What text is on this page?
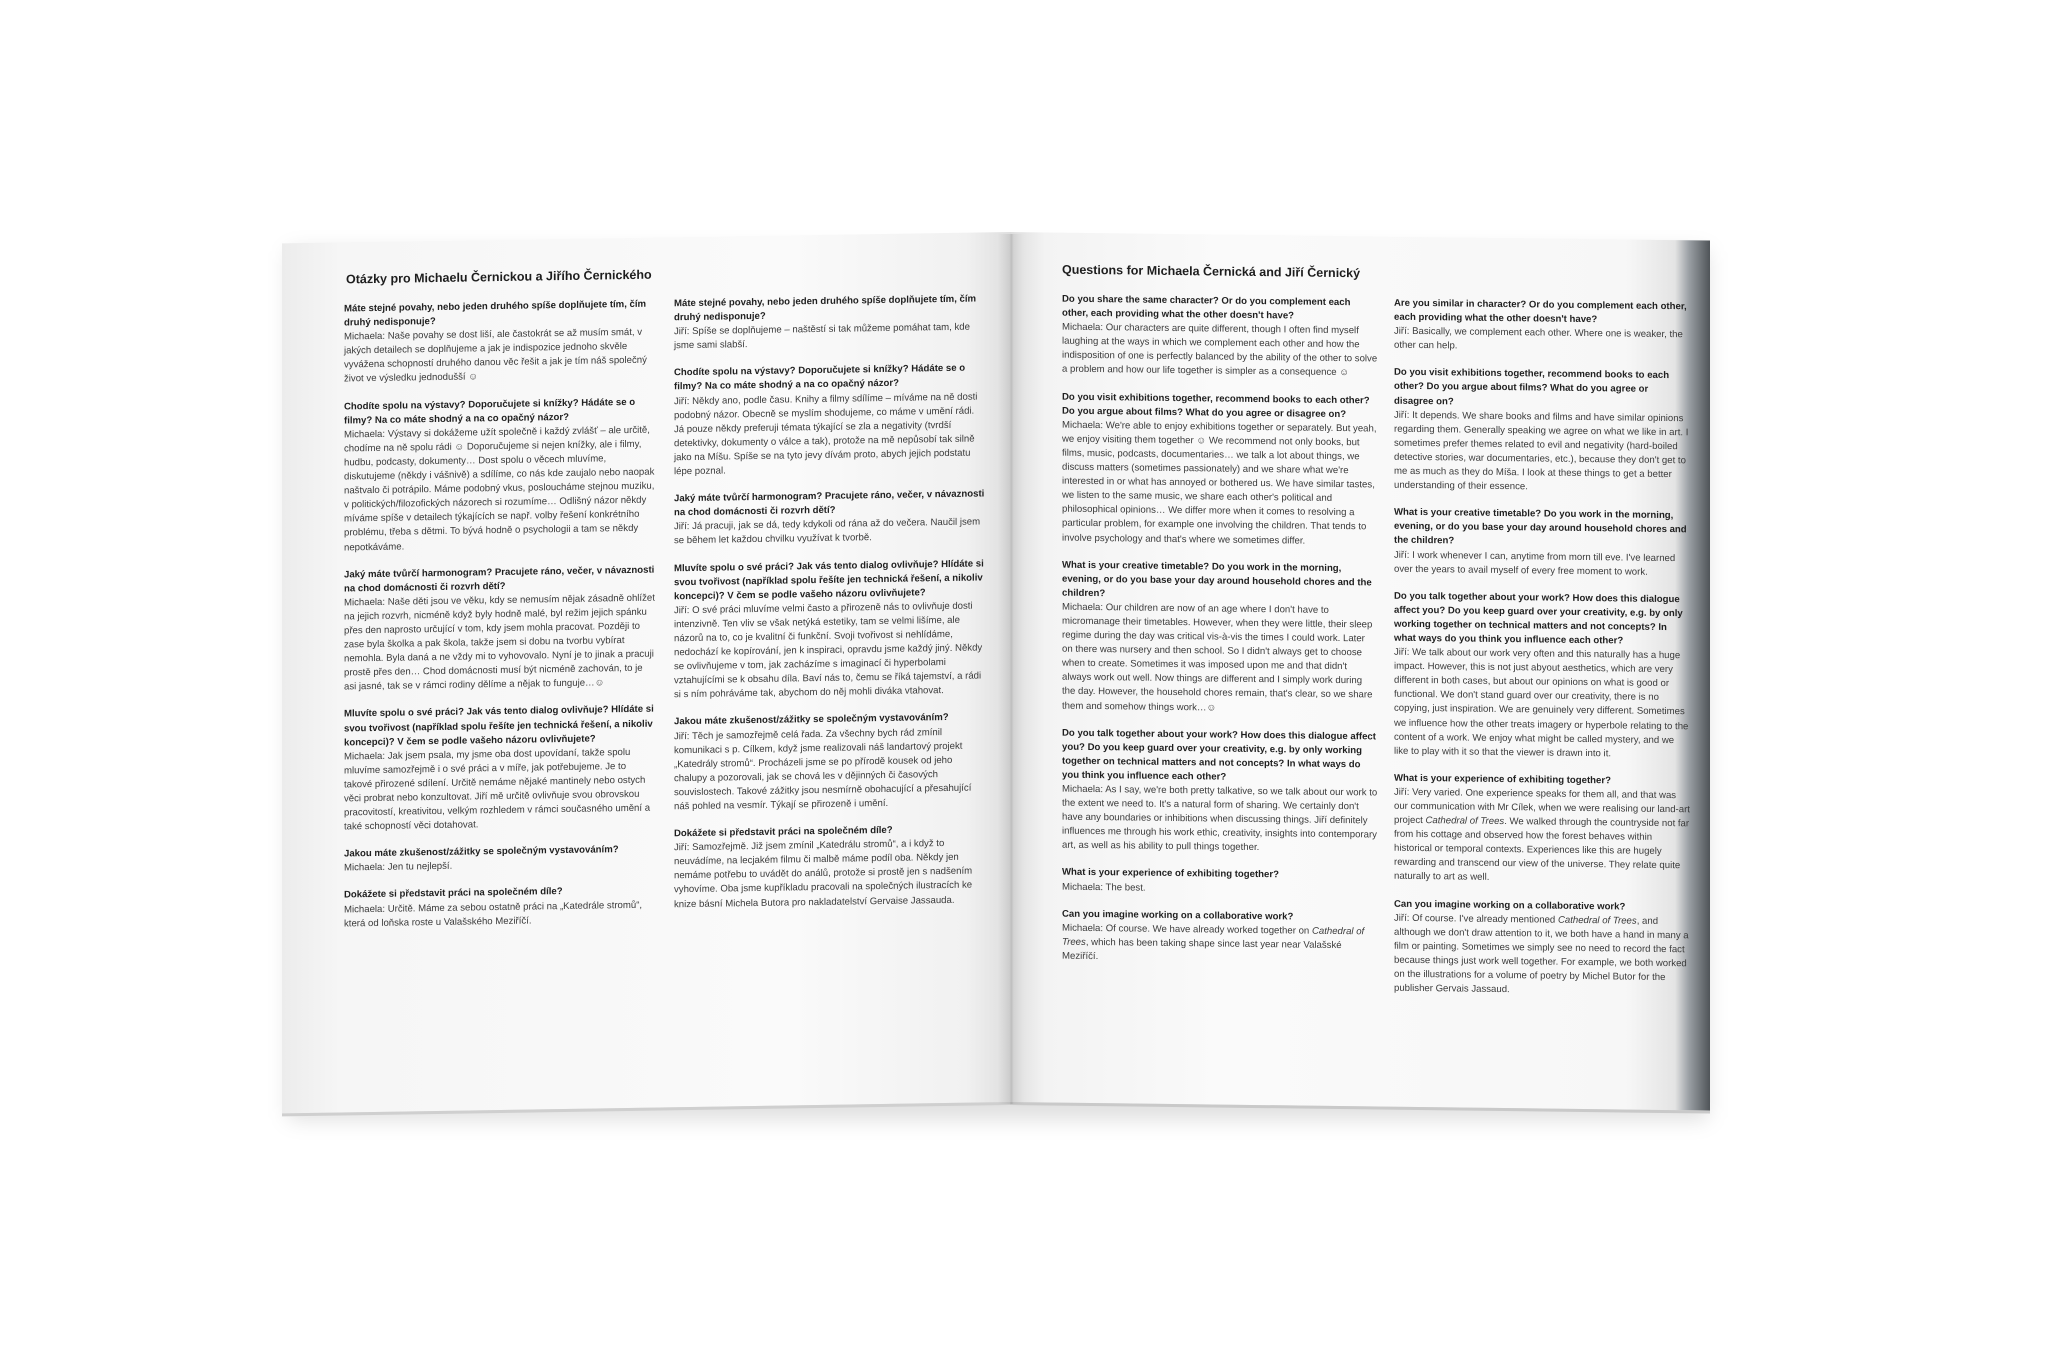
Otázky pro Michaelu Černickou a Jiřího Černického
Máte stejné povahy, nebo jeden druhého spíše doplňujete tím, čím druhý nedisponuje?
Michaela: Naše povahy se dost liší, ale častokrát se až musím smát, v jakých detailech se doplňujeme a jak je indispozice jednoho skvěle vyvážena schopností druhého danou věc řešit a jak je tím náš společný život ve výsledku jednodušší ☺
Chodíte spolu na výstavy? Doporučujete si knížky? Hádáte se o filmy? Na co máte shodný a na co opačný názor?
Michaela: Výstavy si dokážeme užít společně i každý zvlášť – ale určitě, chodíme na ně spolu rádi ☺ Doporučujeme si nejen knížky, ale i filmy, hudbu, podcasty, dokumenty… Dost spolu o věcech mluvíme, diskutujeme (někdy i vášnivě) a sdílíme, co nás kde zaujalo nebo naopak naštvalo či potrápilo. Máme podobný vkus, posloucháme stejnou muziku, v politických/filozofických názorech si rozumíme… Odlišný názor někdy míváme spíše v detailech týkajících se např. volby řešení konkrétního problému, třeba s dětmi. To bývá hodně o psychologii a tam se někdy nepotkáváme.
Jaký máte tvůrčí harmonogram? Pracujete ráno, večer, v návaznosti na chod domácnosti či rozvrh dětí?
Michaela: Naše děti jsou ve věku, kdy se nemusím nějak zásadně ohlížet na jejich rozvrh, nicméně když byly hodně malé, byl režim jejich spánku přes den naprosto určující v tom, kdy jsem mohla pracovat. Později to zase byla školka a pak škola, takže jsem si dobu na tvorbu vybírat nemohla. Byla daná a ne vždy mi to vyhovovalo. Nyní je to jinak a pracuji prostě přes den… Chod domácnosti musí být nicméně zachován, to je asi jasné, tak se v rámci rodiny dělíme a nějak to funguje…☺
Mluvíte spolu o své práci? Jak vás tento dialog ovlivňuje? Hlídáte si svou tvořivost (například spolu řešíte jen technická řešení, a nikoliv koncepci)? V čem se podle vašeho názoru ovlivňujete?
Michaela: Jak jsem psala, my jsme oba dost upovídaní, takže spolu mluvíme samozřejmě i o své práci a v míře, jak potřebujeme. Je to takové přirozené sdílení. Určitě nemáme nějaké mantinely nebo ostych věci probrat nebo konzultovat. Jiří mě určitě ovlivňuje svou obrovskou pracovitostí, kreativitou, velkým rozhledem v rámci současného umění a také schopností věci dotahovat.
Jakou máte zkušenost/zážitky se společným vystavováním?
Michaela: Jen tu nejlepší.
Dokážete si představit práci na společném díle?
Michaela: Určitě. Máme za sebou ostatně práci na „Katedrále stromů“, která od loňska roste u Valašského Meziříčí.
Máte stejné povahy, nebo jeden druhého spíše doplňujete tím, čím druhý nedisponuje?
Jiří: Spíše se doplňujeme – naštěstí si tak můžeme pomáhat tam, kde jsme sami slabší.
Chodíte spolu na výstavy? Doporučujete si knížky? Hádáte se o filmy? Na co máte shodný a na co opačný názor?
Jiří: Někdy ano, podle času. Knihy a filmy sdílíme – míváme na ně dosti podobný názor. Obecně se myslím shodujeme, co máme v umění rádi. Já pouze někdy preferuji témata týkající se zla a negativity (tvrdší detektivky, dokumenty o válce a tak), protože na mě nepůsobí tak silně jako na Míšu. Spíše se na tyto jevy dívám proto, abych jejich podstatu lépe poznal.
Jaký máte tvůrčí harmonogram? Pracujete ráno, večer, v návaznosti na chod domácnosti či rozvrh dětí?
Jiří: Já pracuji, jak se dá, tedy kdykoli od rána až do večera. Naučil jsem se během let každou chvilku využívat k tvorbě.
Mluvíte spolu o své práci? Jak vás tento dialog ovlivňuje? Hlídáte si svou tvořivost (například spolu řešíte jen technická řešení, a nikoliv koncepci)? V čem se podle vašeho názoru ovlivňujete?
Jiří: O své práci mluvíme velmi často a přirozeně nás to ovlivňuje dosti intenzivně. Ten vliv se však netýká estetiky, tam se velmi lišíme, ale názorů na to, co je kvalitní či funkční. Svoji tvořivost si nehlídáme, nedochází ke kopírování, jen k inspiraci, opravdu jsme každý jiný. Někdy se ovlivňujeme v tom, jak zacházíme s imaginací či hyperbolami vztahujícími se k obsahu díla. Baví nás to, čemu se říká tajemství, a rádi si s ním pohráváme tak, abychom do něj mohli diváka vtahovat.
Jakou máte zkušenost/zážitky se společným vystavováním?
Jiří: Těch je samozřejmě celá řada. Za všechny bych rád zmínil komunikaci s p. Cílkem, když jsme realizovali náš landartový projekt „Katedrály stromů“. Procházeli jsme se po přírodě kousek od jeho chalupy a pozorovali, jak se chová les v dějinných či časových souvislostech. Takové zážitky jsou nesmírně obohacující a přesahující náš pohled na vesmír. Týkají se přirozeně i umění.
Dokážete si představit práci na společném díle?
Jiří: Samozřejmě. Již jsem zmínil „Katedrálu stromů“, a i když to neuvádíme, na lecjakém filmu či malbě máme podíl oba. Někdy jen nemáme potřebu to uvádět do análů, protože si prostě jen s nadšením vyhovíme. Oba jsme kupříkladu pracovali na společných ilustracích ke knize básní Michela Butora pro nakladatelství Gervaise Jassauda.
Questions for Michaela Černická and Jiří Černický
Do you share the same character? Or do you complement each other, each providing what the other doesn't have?
Michaela: Our characters are quite different, though I often find myself laughing at the ways in which we complement each other and how the indisposition of one is perfectly balanced by the ability of the other to solve a problem and how our life together is simpler as a consequence ☺
Do you visit exhibitions together, recommend books to each other? Do you argue about films? What do you agree or disagree on?
Michaela: We're able to enjoy exhibitions together or separately. But yeah, we enjoy visiting them together ☺ We recommend not only books, but films, music, podcasts, documentaries… we talk a lot about things, we discuss matters (sometimes passionately) and we share what we're interested in or what has annoyed or bothered us. We have similar tastes, we listen to the same music, we share each other's political and philosophical opinions… We differ more when it comes to resolving a particular problem, for example one involving the children. That tends to involve psychology and that's where we sometimes differ.
What is your creative timetable? Do you work in the morning, evening, or do you base your day around household chores and the children?
Michaela: Our children are now of an age where I don't have to micromanage their timetables. However, when they were little, their sleep regime during the day was critical vis-à-vis the times I could work. Later on there was nursery and then school. So I didn't always get to choose when to create. Sometimes it was imposed upon me and that didn't always work out well. Now things are different and I simply work during the day. However, the household chores remain, that's clear, so we share them and somehow things work…☺
Do you talk together about your work? How does this dialogue affect you? Do you keep guard over your creativity, e.g. by only working together on technical matters and not concepts? In what ways do you think you influence each other?
Michaela: As I say, we're both pretty talkative, so we talk about our work to the extent we need to. It's a natural form of sharing. We certainly don't have any boundaries or inhibitions when discussing things. Jiří definitely influences me through his work ethic, creativity, insights into contemporary art, as well as his ability to pull things together.
What is your experience of exhibiting together?
Michaela: The best.
Can you imagine working on a collaborative work?
Michaela: Of course. We have already worked together on Cathedral of Trees, which has been taking shape since last year near Valašské Meziříčí.
Are you similar in character? Or do you complement each other, each providing what the other doesn't have?
Jiří: Basically, we complement each other. Where one is weaker, the other can help.
Do you visit exhibitions together, recommend books to each other? Do you argue about films? What do you agree or disagree on?
Jiří: It depends. We share books and films and have similar opinions regarding them. Generally speaking we agree on what we like in art. I sometimes prefer themes related to evil and negativity (hard-boiled detective stories, war documentaries, etc.), because they don't get to me as much as they do Míša. I look at these things to get a better understanding of their essence.
What is your creative timetable? Do you work in the morning, evening, or do you base your day around household chores and the children?
Jiří: I work whenever I can, anytime from morn till eve. I've learned over the years to avail myself of every free moment to work.
Do you talk together about your work? How does this dialogue affect you? Do you keep guard over your creativity, e.g. by only working together on technical matters and not concepts? In what ways do you think you influence each other?
Jiří: We talk about our work very often and this naturally has a huge impact. However, this is not just abyout aesthetics, which are very different in both cases, but about our opinions on what is good or functional. We don't stand guard over our creativity, there is no copying, just inspiration. We are genuinely very different. Sometimes we influence how the other treats imagery or hyperbole relating to the content of a work. We enjoy what might be called mystery, and we like to play with it so that the viewer is drawn into it.
What is your experience of exhibiting together?
Jiří: Very varied. One experience speaks for them all, and that was our communication with Mr Cílek, when we were realising our land-art project Cathedral of Trees. We walked through the countryside not far from his cottage and observed how the forest behaves within historical or temporal contexts. Experiences like this are hugely rewarding and transcend our view of the universe. They relate quite naturally to art as well.
Can you imagine working on a collaborative work?
Jiří: Of course. I've already mentioned Cathedral of Trees, and although we don't draw attention to it, we both have a hand in many a film or painting. Sometimes we simply see no need to record the fact because things just work well together. For example, we both worked on the illustrations for a volume of poetry by Michel Butor for the publisher Gervais Jassaud.
